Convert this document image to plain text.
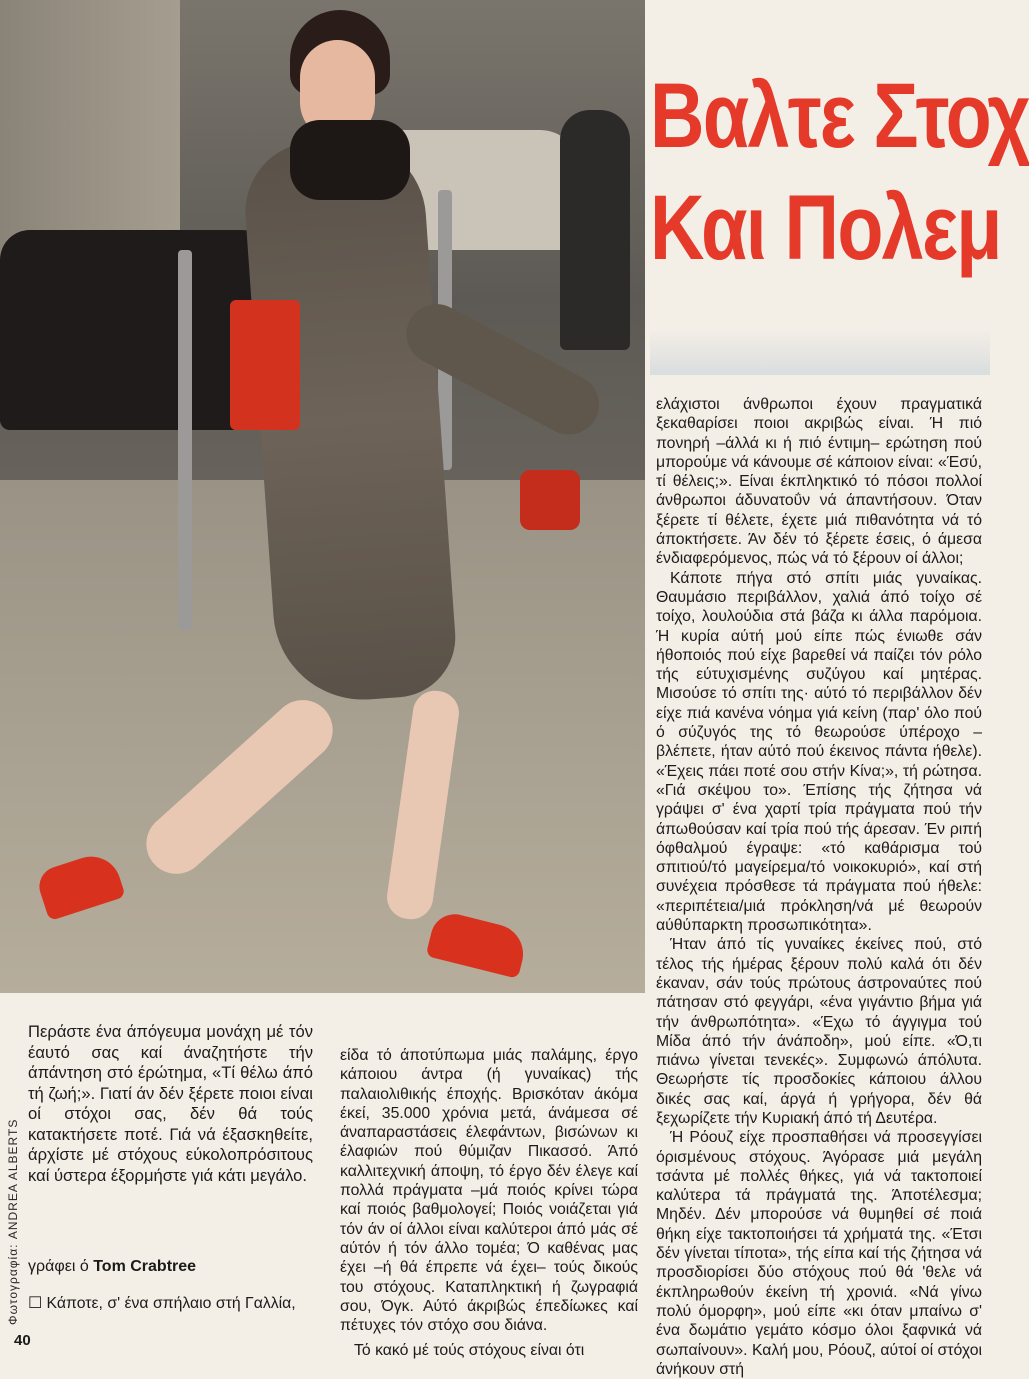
Βαλτε Στοχ
Και Πολεμ

ελάχιστοι άνθρωποι έχουν πραγματικά ξεκαθαρίσει ποιοι ακριβώς είναι. Ή πιό πονηρή –άλλά κι ή πιό έντιμη– ερώτηση πού μπορούμε νά κάνουμε σέ κάποιον είναι: «Έσύ, τί θέλεις;». Είναι έκπληκτικό τό πόσοι πολλοί άνθρωποι άδυνατοΰν νά άπαντήσουν. Όταν ξέρετε τί θέλετε, έχετε μιά πιθανότητα νά τό άποκτήσετε. Άν δέν τό ξέρετε έσεις, ό άμεσα ένδιαφερόμενος, πώς νά τό ξέρουν οί άλλοι;

Κάποτε πήγα στό σπίτι μιάς γυναίκας. Θαυμάσιο περιβάλλον, χαλιά άπό τοίχο σέ τοίχο, λουλούδια στά βάζα κι άλλα παρόμοια. Ή κυρία αύτή μού είπε πώς ένιωθε σάν ήθοποιός πού είχε βαρεθεί νά παίζει τόν ρόλο τής εύτυχισμένης συζύγου καί μητέρας. Μισούσε τό σπίτι της· αύτό τό περιβάλλον δέν είχε πιά κανένα νόημα γιά κείνη (παρ' όλο πού ό σύζυγός της τό θεωρούσε ύπέροχο –βλέπετε, ήταν αύτό πού έκεινος πάντα ήθελε). «Έχεις πάει ποτέ σου στήν Κίνα;», τή ρώτησα. «Γιά σκέψου το». Έπίσης τής ζήτησα νά γράψει σ' ένα χαρτί τρία πράγματα πού τήν άπωθούσαν καί τρία πού τής άρεσαν. Έν ριπή όφθαλμού έγραψε: «τό καθάρισμα τού σπιτιού/τό μαγείρεμα/τό νοικοκυριό», καί στή συνέχεια πρόσθεσε τά πράγματα πού ήθελε: «περιπέτεια/μιά πρόκληση/νά μέ θεωρούν αύθύπαρκτη προσωπικότητα».

Ήταν άπό τίς γυναίκες έκείνες πού, στό τέλος τής ήμέρας ξέρουν πολύ καλά ότι δέν έκαναν, σάν τούς πρώτους άστροναύτες πού πάτησαν στό φεγγάρι, «ένα γιγάντιο βήμα γιά τήν άνθρωπότητα». «Έχω τό άγγιγμα τού Μίδα άπό τήν άνάποδη», μού είπε. «Ό,τι πιάνω γίνεται τενεκές». Συμφωνώ άπόλυτα. Θεωρήστε τίς προσδοκίες κάποιου άλλου δικές σας καί, άργά ή γρήγορα, δέν θά ξεχωρίζετε τήν Κυριακή άπό τή Δευτέρα.

Ή Ρόουζ είχε προσπαθήσει νά προσεγγίσει όρισμένους στόχους. Άγόρασε μιά μεγάλη τσάντα μέ πολλές θήκες, γιά νά τακτοποιεί καλύτερα τά πράγματά της. Άποτέλεσμα; Μηδέν. Δέν μπορούσε νά θυμηθεί σέ ποιά θήκη είχε τακτοποιήσει τά χρήματά της. «Έτσι δέν γίνεται τίποτα», τής είπα καί τής ζήτησα νά προσδιορίσει δύο στόχους πού θά 'θελε νά έκπληρωθούν έκείνη τή χρονιά. «Νά γίνω πολύ όμορφη», μού είπε «κι όταν μπαίνω σ' ένα δωμάτιο γεμάτο κόσμο όλοι ξαφνικά νά σωπαίνουν». Καλή μου, Ρόουζ, αύτοί οί στόχοι άνήκουν στή

Περάστε ένα άπόγευμα μονάχη μέ τόν έαυτό σας καί άναζητήστε τήν άπάντηση στό έρώτημα, «Τί θέλω άπό τή ζωή;». Γιατί άν δέν ξέρετε ποιοι είναι οί στόχοι σας, δέν θά τούς κατακτήσετε ποτέ. Γιά νά έξασκηθείτε, άρχίστε μέ στόχους εύκολοπρόσιτους καί ύστερα έξορμήστε γιά κάτι μεγάλο.

γράφει ό Tom Crabtree

☐ Κάποτε, σ' ένα σπήλαιο στή Γαλλία,

είδα τό άποτύπωμα μιάς παλάμης, έργο κάποιου άντρα (ή γυναίκας) τής παλαιολιθικής έποχής. Βρισκόταν άκόμα έκεί, 35.000 χρόνια μετά, άνάμεσα σέ άναπαραστάσεις έλεφάντων, βισώνων κι έλαφιών πού θύμιζαν Πικασσό. Άπό καλλιτεχνική άποψη, τό έργο δέν έλεγε καί πολλά πράγματα –μά ποιός κρίνει τώρα καί ποιός βαθμολογεί; Ποιός νοιάζεται γιά τόν άν οί άλλοι είναι καλύτεροι άπό μάς σέ αύτόν ή τόν άλλο τομέα; Ό καθένας μας έχει –ή θά έπρεπε νά έχει– τούς δικούς του στόχους. Καταπληκτική ή ζωγραφιά σου, Όγκ. Αύτό άκριβώς έπεδίωκες καί πέτυχες τόν στόχο σου διάνα.

Τό κακό μέ τούς στόχους είναι ότι

Φωτογραφία: ANDREA ALBERTS
40
